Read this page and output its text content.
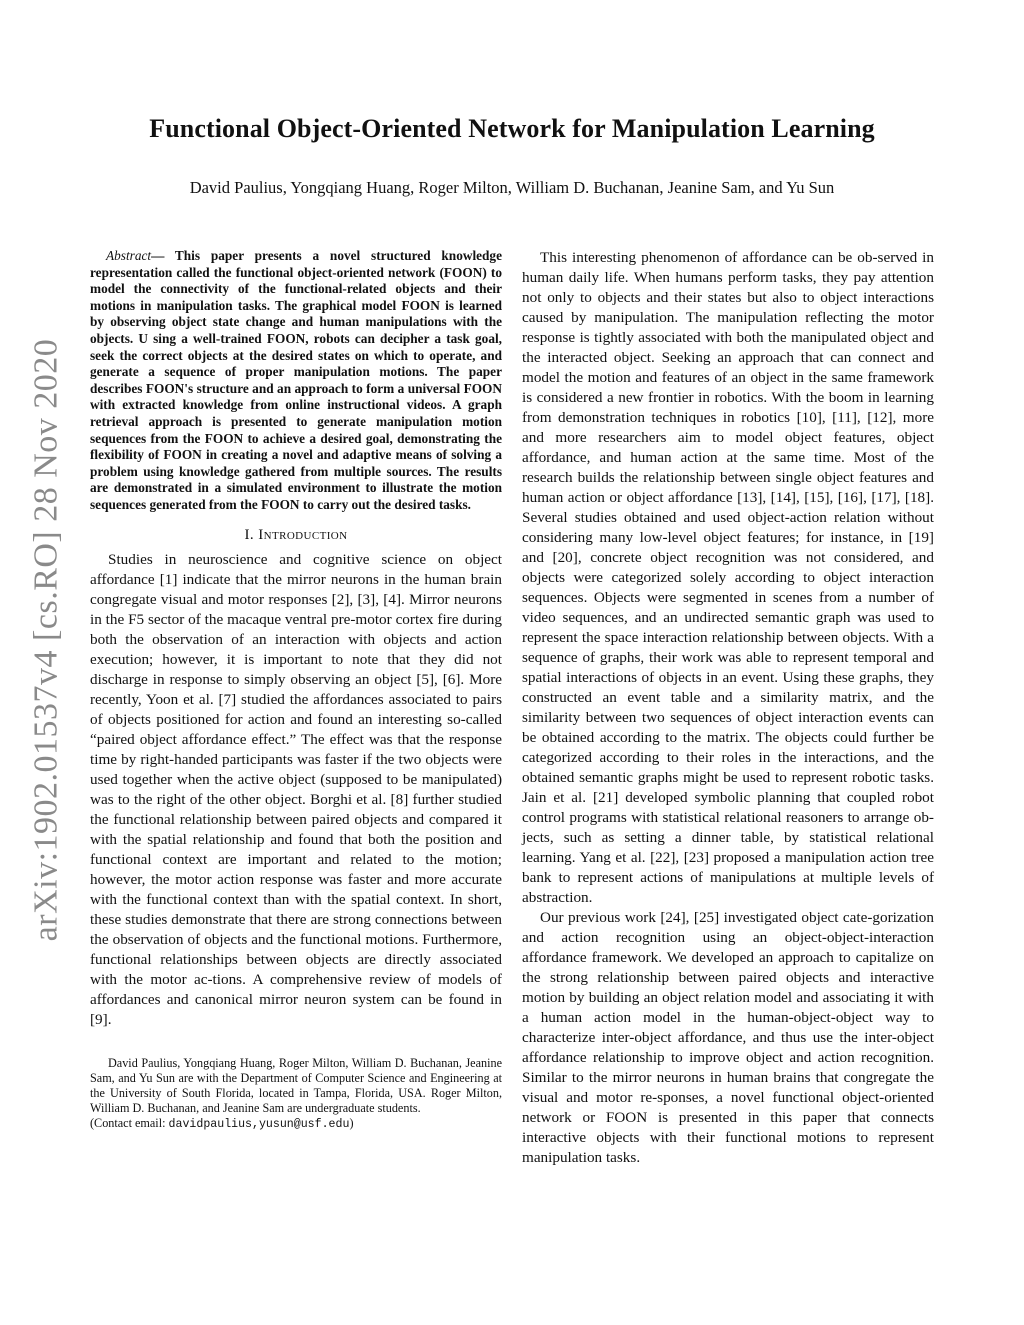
arXiv:1902.01537v4 [cs.RO] 28 Nov 2020
Functional Object-Oriented Network for Manipulation Learning
David Paulius, Yongqiang Huang, Roger Milton, William D. Buchanan, Jeanine Sam, and Yu Sun

Abstract— This paper presents a novel structured knowledge representation called the functional object-oriented network (FOON) to model the connectivity of the functional-related objects and their motions in manipulation tasks. The graphical model FOON is learned by observing object state change and human manipulations with the objects. U sing a well-trained FOON, robots can decipher a task goal, seek the correct objects at the desired states on which to operate, and generate a sequence of proper manipulation motions. The paper describes FOON's structure and an approach to form a universal FOON with extracted knowledge from online instructional videos. A graph retrieval approach is presented to generate manipulation motion sequences from the FOON to achieve a desired goal, demonstrating the flexibility of FOON in creating a novel and adaptive means of solving a problem using knowledge gathered from multiple sources. The results are demonstrated in a simulated environment to illustrate the motion sequences generated from the FOON to carry out the desired tasks.

I. Introduction

Studies in neuroscience and cognitive science on object affordance [1] indicate that the mirror neurons in the human brain congregate visual and motor responses [2], [3], [4]. Mirror neurons in the F5 sector of the macaque ventral pre-motor cortex fire during both the observation of an interaction with objects and action execution; however, it is important to note that they did not discharge in response to simply observing an object [5], [6]. More recently, Yoon et al. [7] studied the affordances associated to pairs of objects positioned for action and found an interesting so-called “paired object affordance effect.” The effect was that the response time by right-handed participants was faster if the two objects were used together when the active object (supposed to be manipulated) was to the right of the other object. Borghi et al. [8] further studied the functional relationship between paired objects and compared it with the spatial relationship and found that both the position and functional context are important and related to the motion; however, the motor action response was faster and more accurate with the functional context than with the spatial context. In short, these studies demonstrate that there are strong connections between the observation of objects and the functional motions. Furthermore, functional relationships between objects are directly associated with the motor ac-tions. A comprehensive review of models of affordances and canonical mirror neuron system can be found in [9].

David Paulius, Yongqiang Huang, Roger Milton, William D. Buchanan, Jeanine Sam, and Yu Sun are with the Department of Computer Science and Engineering at the University of South Florida, located in Tampa, Florida, USA. Roger Milton, William D. Buchanan, and Jeanine Sam are undergraduate students.

(Contact email: davidpaulius,yusun@usf.edu)

This interesting phenomenon of affordance can be ob-served in human daily life. When humans perform tasks, they pay attention not only to objects and their states but also to object interactions caused by manipulation. The manipulation reflecting the motor response is tightly associated with both the manipulated object and the interacted object. Seeking an approach that can connect and model the motion and features of an object in the same framework is considered a new frontier in robotics. With the boom in learning from demonstration techniques in robotics [10], [11], [12], more and more researchers aim to model object features, object affordance, and human action at the same time. Most of the research builds the relationship between single object features and human action or object affordance [13], [14], [15], [16], [17], [18]. Several studies obtained and used object-action relation without considering many low-level object features; for instance, in [19] and [20], concrete object recognition was not considered, and objects were categorized solely according to object interaction sequences. Objects were segmented in scenes from a number of video sequences, and an undirected semantic graph was used to represent the space interaction relationship between objects. With a sequence of graphs, their work was able to represent temporal and spatial interactions of objects in an event. Using these graphs, they constructed an event table and a similarity matrix, and the similarity between two sequences of object interaction events can be obtained according to the matrix. The objects could further be categorized according to their roles in the interactions, and the obtained semantic graphs might be used to represent robotic tasks. Jain et al. [21] developed symbolic planning that coupled robot control programs with statistical relational reasoners to arrange ob-jects, such as setting a dinner table, by statistical relational learning. Yang et al. [22], [23] proposed a manipulation action tree bank to represent actions of manipulations at multiple levels of abstraction.

Our previous work [24], [25] investigated object cate-gorization and action recognition using an object-object-interaction affordance framework. We developed an approach to capitalize on the strong relationship between paired objects and interactive motion by building an object relation model and associating it with a human action model in the human-object-object way to characterize inter-object affordance, and thus use the inter-object affordance relationship to improve object and action recognition. Similar to the mirror neurons in human brains that congregate the visual and motor re-sponses, a novel functional object-oriented network or FOON is presented in this paper that connects interactive objects with their functional motions to represent manipulation tasks.
